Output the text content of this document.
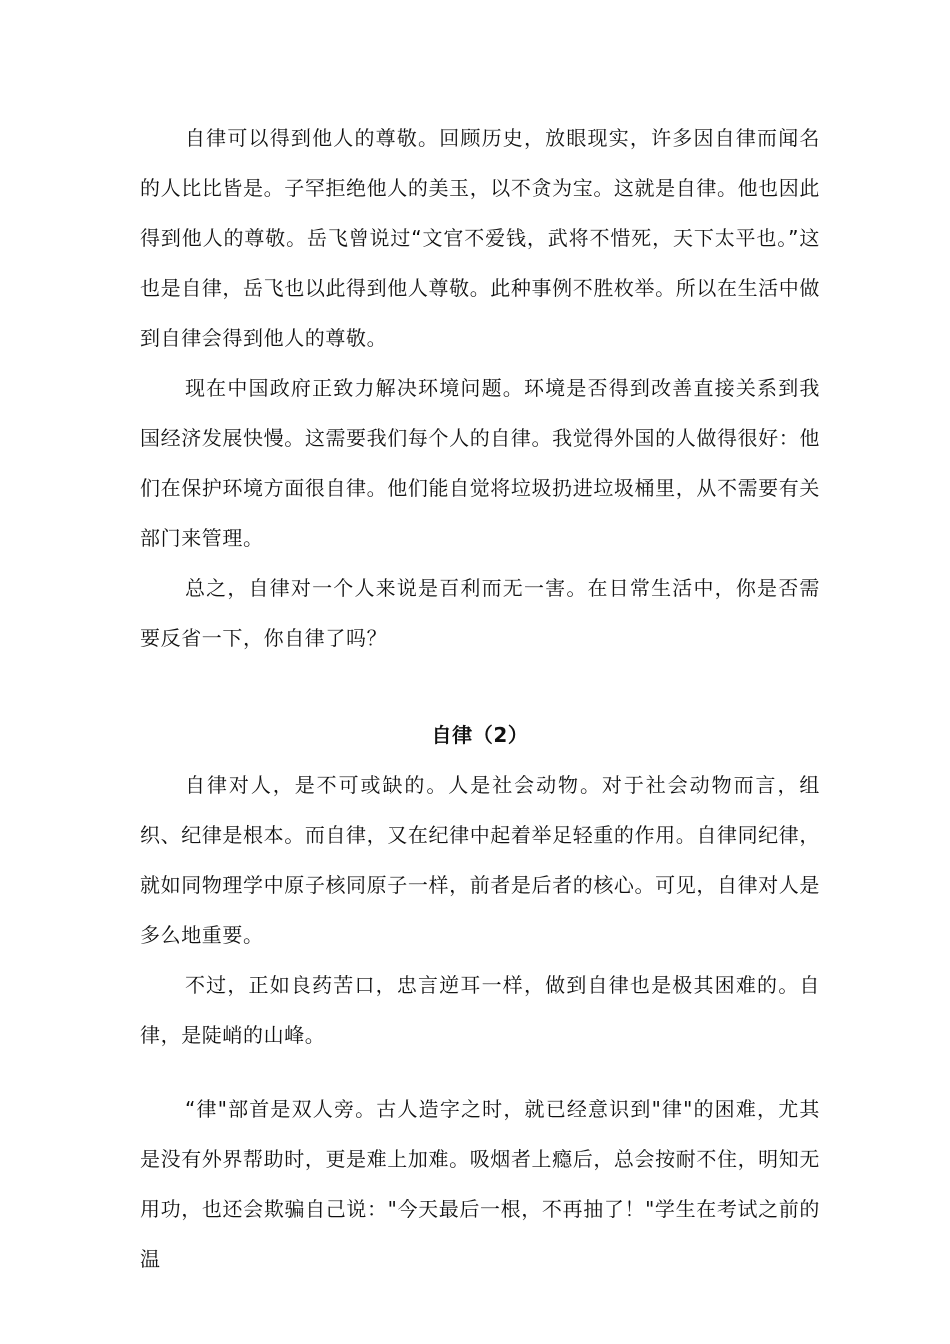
自律可以得到他人的尊敬。回顾历史，放眼现实，许多因自律而闻名的人比比皆是。子罕拒绝他人的美玉，以不贪为宝。这就是自律。他也因此得到他人的尊敬。岳飞曾说过“文官不爱钱，武将不惜死，天下太平也。”这也是自律，岳飞也以此得到他人尊敬。此种事例不胜枚举。所以在生活中做到自律会得到他人的尊敬。

现在中国政府正致力解决环境问题。环境是否得到改善直接关系到我国经济发展快慢。这需要我们每个人的自律。我觉得外国的人做得很好：他们在保护环境方面很自律。他们能自觉将垃圾扔进垃圾桶里，从不需要有关部门来管理。

总之，自律对一个人来说是百利而无一害。在日常生活中，你是否需要反省一下，你自律了吗？

自律（2）

自律对人，是不可或缺的。人是社会动物。对于社会动物而言，组织、纪律是根本。而自律，又在纪律中起着举足轻重的作用。自律同纪律，就如同物理学中原子核同原子一样，前者是后者的核心。可见，自律对人是多么地重要。

不过，正如良药苦口，忠言逆耳一样，做到自律也是极其困难的。自律，是陡峭的山峰。

“律"部首是双人旁。古人造字之时，就已经意识到"律"的困难，尤其是没有外界帮助时，更是难上加难。吸烟者上瘾后，总会按耐不住，明知无用功，也还会欺骗自己说："今天最后一根，不再抽了！"学生在考试之前的温
